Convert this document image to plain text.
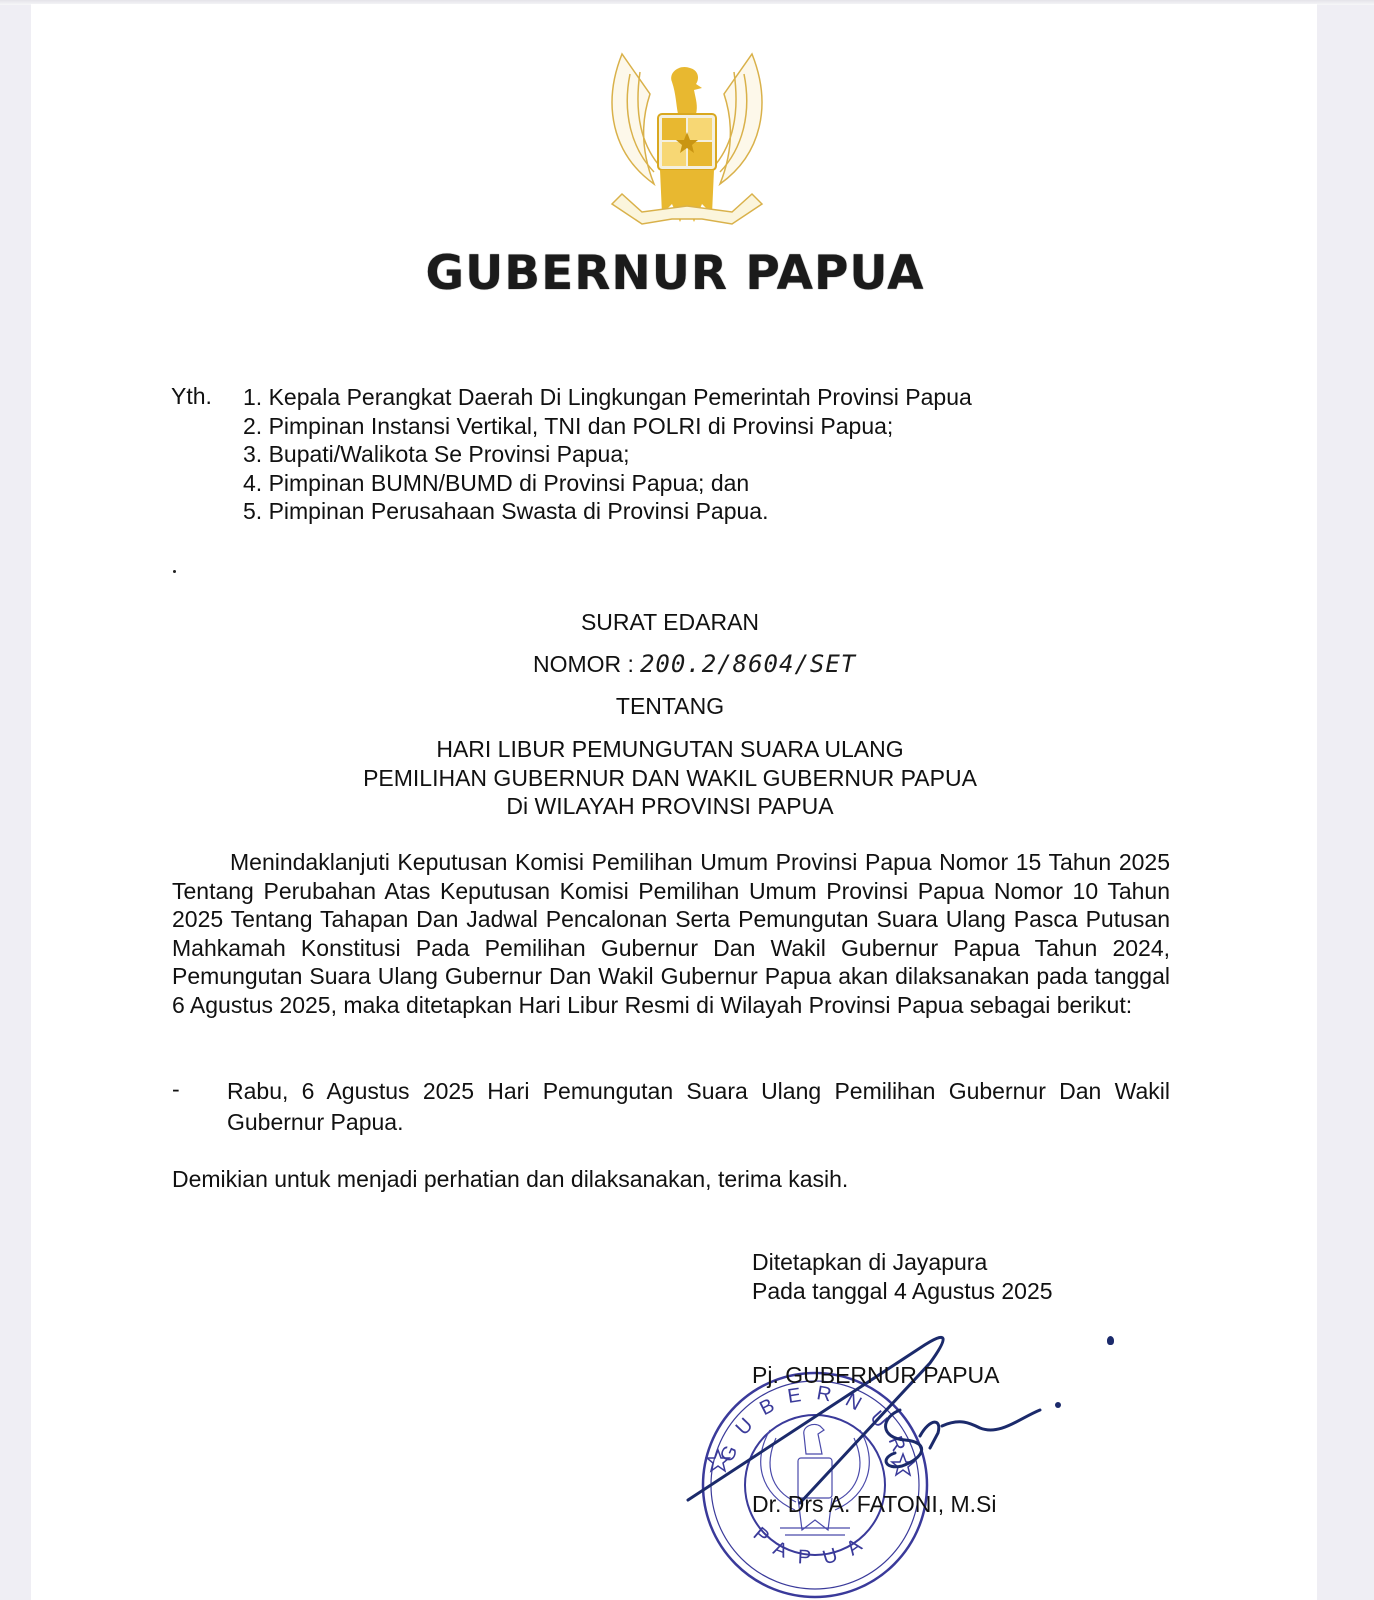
GUBERNUR PAPUA
Yth. 1. Kepala Perangkat Daerah Di Lingkungan Pemerintah Provinsi Papua
2. Pimpinan Instansi Vertikal, TNI dan POLRI di Provinsi Papua;
3. Bupati/Walikota Se Provinsi Papua;
4. Pimpinan BUMN/BUMD di Provinsi Papua; dan
5. Pimpinan Perusahaan Swasta di Provinsi Papua.
SURAT EDARAN
NOMOR : 200.2/8604/SET
TENTANG
HARI LIBUR PEMUNGUTAN SUARA ULANG
PEMILIHAN GUBERNUR DAN WAKIL GUBERNUR PAPUA
Di WILAYAH PROVINSI PAPUA
Menindaklanjuti Keputusan Komisi Pemilihan Umum Provinsi Papua Nomor 15 Tahun 2025 Tentang Perubahan Atas Keputusan Komisi Pemilihan Umum Provinsi Papua Nomor 10 Tahun 2025 Tentang Tahapan Dan Jadwal Pencalonan Serta Pemungutan Suara Ulang Pasca Putusan Mahkamah Konstitusi Pada Pemilihan Gubernur Dan Wakil Gubernur Papua Tahun 2024, Pemungutan Suara Ulang Gubernur Dan Wakil Gubernur Papua akan dilaksanakan pada tanggal 6 Agustus 2025, maka ditetapkan Hari Libur Resmi di Wilayah Provinsi Papua sebagai berikut:
- Rabu, 6 Agustus 2025 Hari Pemungutan Suara Ulang Pemilihan Gubernur Dan Wakil Gubernur Papua.
Demikian untuk menjadi perhatian dan dilaksanakan, terima kasih.
Ditetapkan di Jayapura
Pada tanggal 4 Agustus 2025
GUBERNUR
PAPUA
Pj. GUBERNUR PAPUA
Dr. Drs A. FATONI, M.Si
